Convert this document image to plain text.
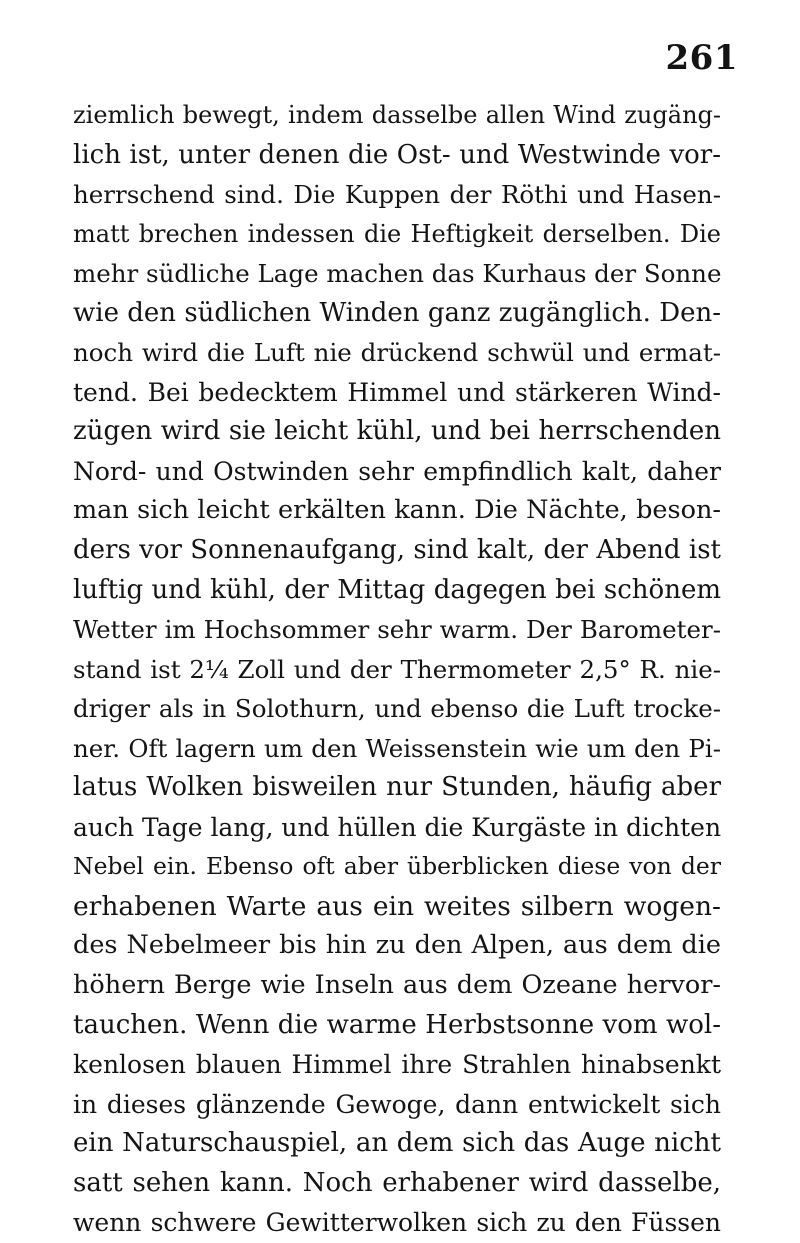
261
ziemlich bewegt, indem dasselbe allen Wind zugäng-
lich ist, unter denen die Ost- und Westwinde vor-
herrschend sind. Die Kuppen der Röthi und Hasen-
matt brechen indessen die Heftigkeit derselben. Die
mehr südliche Lage machen das Kurhaus der Sonne
wie den südlichen Winden ganz zugänglich. Den-
noch wird die Luft nie drückend schwül und ermat-
tend. Bei bedecktem Himmel und stärkeren Wind-
zügen wird sie leicht kühl, und bei herrschenden
Nord- und Ostwinden sehr empfindlich kalt, daher
man sich leicht erkälten kann. Die Nächte, beson-
ders vor Sonnenaufgang, sind kalt, der Abend ist
luftig und kühl, der Mittag dagegen bei schönem
Wetter im Hochsommer sehr warm. Der Barometer-
stand ist 2¼ Zoll und der Thermometer 2,5° R. nie-
driger als in Solothurn, und ebenso die Luft trocke-
ner. Oft lagern um den Weissenstein wie um den Pi-
latus Wolken bisweilen nur Stunden, häufig aber
auch Tage lang, und hüllen die Kurgäste in dichten
Nebel ein. Ebenso oft aber überblicken diese von der
erhabenen Warte aus ein weites silbern wogen-
des Nebelmeer bis hin zu den Alpen, aus dem die
höhern Berge wie Inseln aus dem Ozeane hervor-
tauchen. Wenn die warme Herbstsonne vom wol-
kenlosen blauen Himmel ihre Strahlen hinabsenkt
in dieses glänzende Gewoge, dann entwickelt sich
ein Naturschauspiel, an dem sich das Auge nicht
satt sehen kann. Noch erhabener wird dasselbe,
wenn schwere Gewitterwolken sich zu den Füssen
